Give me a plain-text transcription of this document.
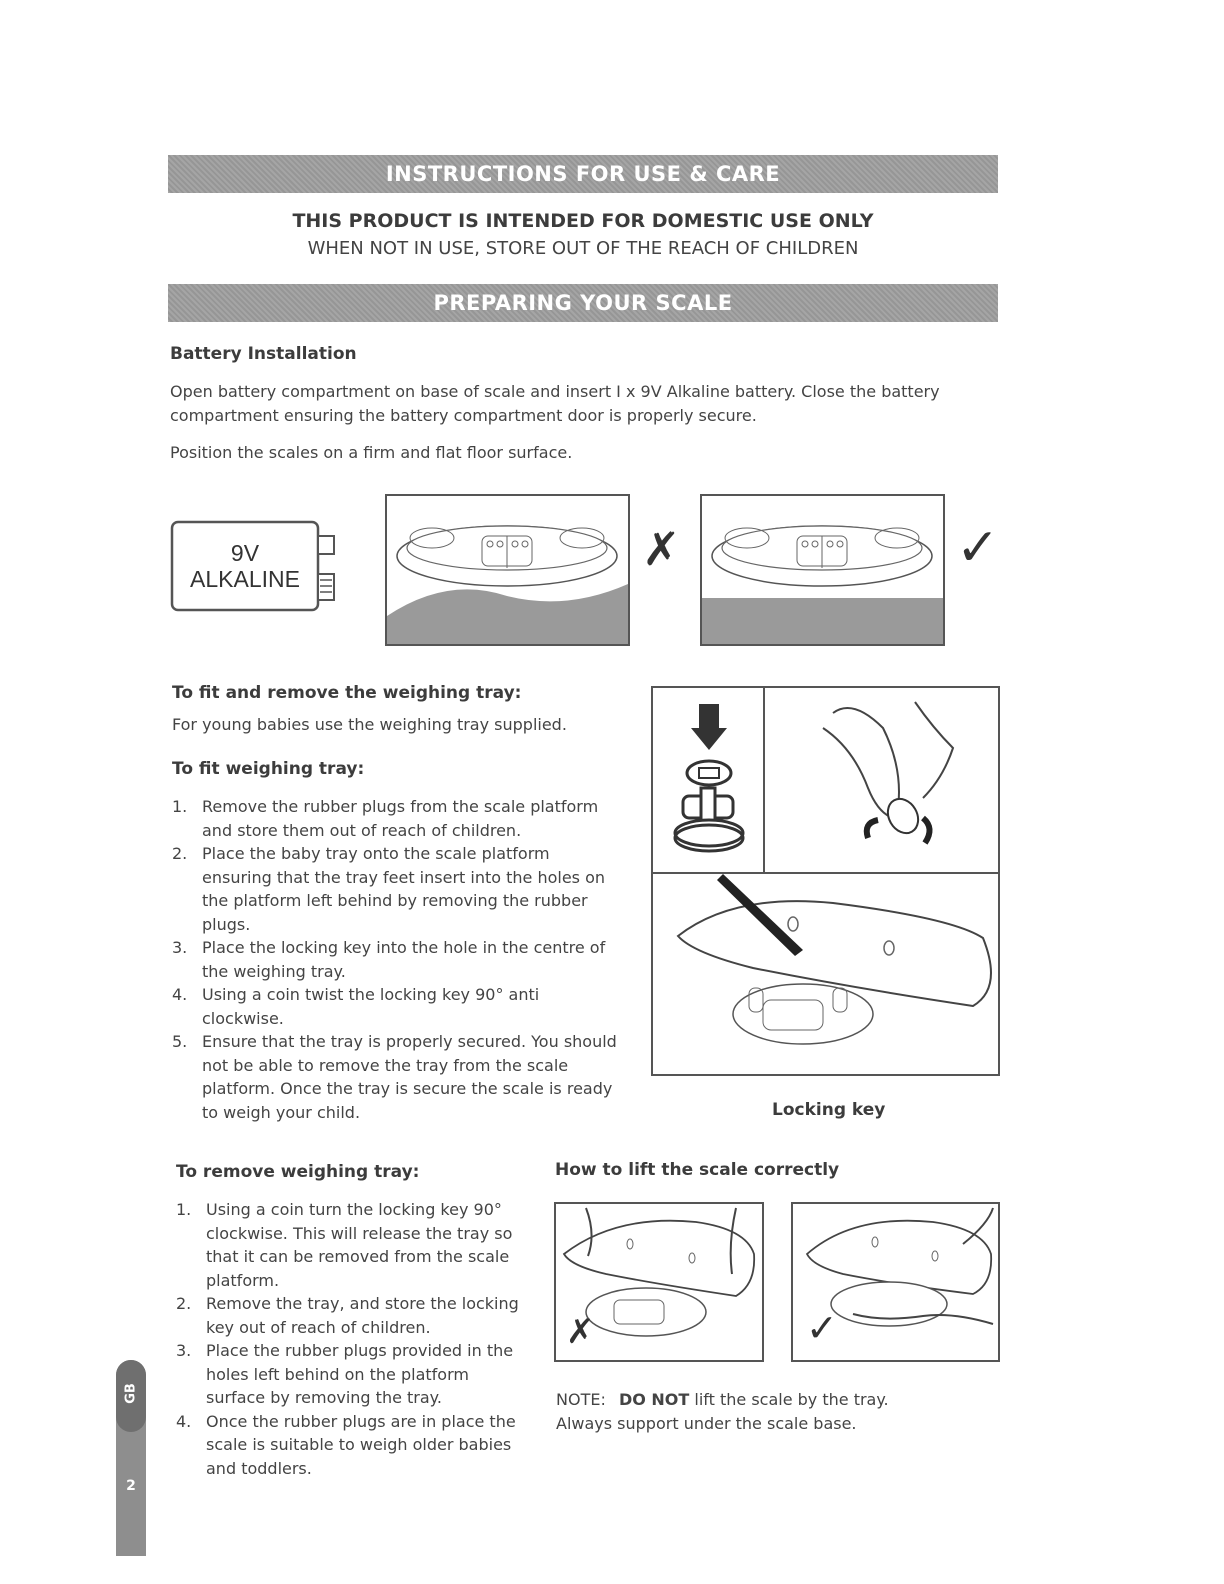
INSTRUCTIONS FOR USE & CARE
THIS PRODUCT IS INTENDED FOR DOMESTIC USE ONLY
WHEN NOT IN USE, STORE OUT OF THE REACH OF CHILDREN
PREPARING YOUR SCALE
Battery Installation
Open battery compartment on base of scale and insert I x 9V Alkaline battery. Close the battery compartment ensuring the battery compartment door is properly secure.
Position the scales on a firm and flat floor surface.
9V
ALKALINE
✗	✓
To fit and remove the weighing tray:
For young babies use the weighing tray supplied.
To fit weighing tray:
1. Remove the rubber plugs from the scale platform and store them out of reach of children.
2. Place the baby tray onto the scale platform ensuring that the tray feet insert into the holes on the platform left behind by removing the rubber plugs.
3. Place the locking key into the hole in the centre of the weighing tray.
4. Using a coin twist the locking key 90° anti clockwise.
5. Ensure that the tray is properly secured. You should not be able to remove the tray from the scale platform. Once the tray is secure the scale is ready to weigh your child.	Locking key
To remove weighing tray:
1. Using a coin turn the locking key 90° clockwise. This will release the tray so that it can be removed from the scale platform.
2. Remove the tray, and store the locking key out of reach of children.
3. Place the rubber plugs provided in the holes left behind on the platform surface by removing the tray.
4. Once the rubber plugs are in place the scale is suitable to weigh older babies and toddlers.
How to lift the scale correctly
✗	✓
NOTE: DO NOT lift the scale by the tray.
Always support under the scale base.
GB
2
